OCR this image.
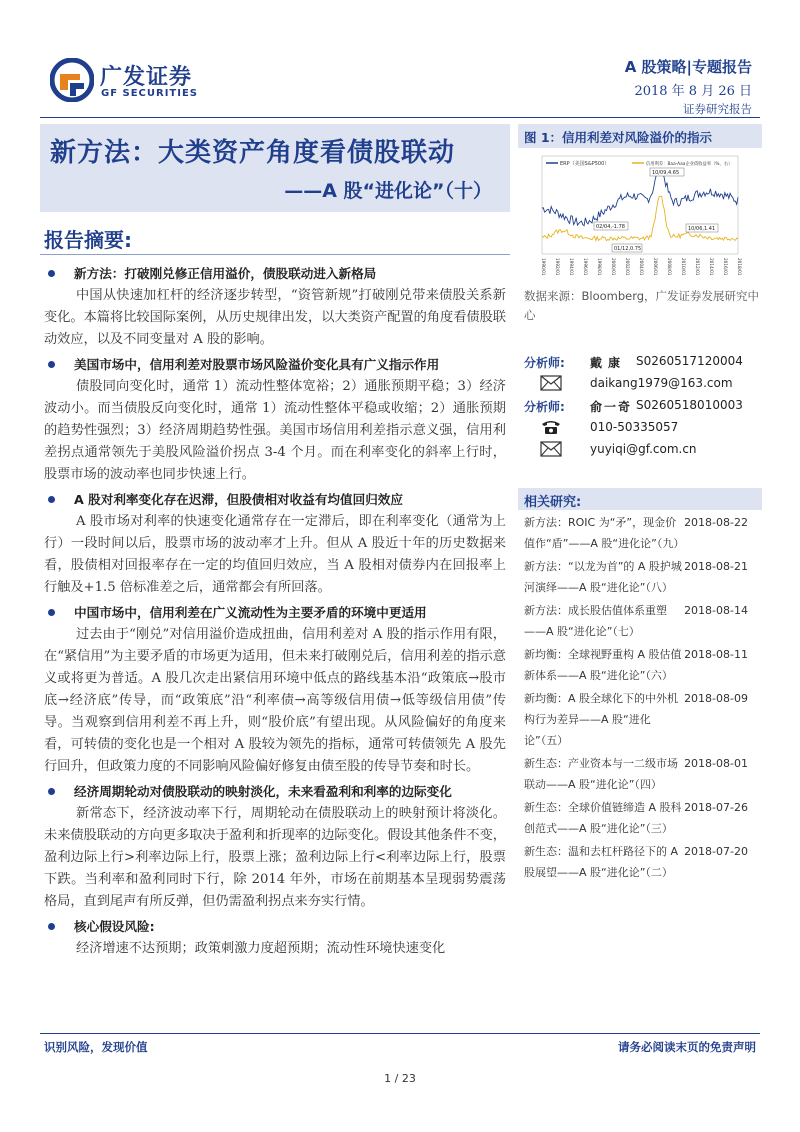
广发证券
GF SECURITIES
A 股策略|专题报告
2018 年 8 月 26 日
证券研究报告
新方法：大类资产角度看债股联动
——A 股“进化论”（十）
报告摘要:
新方法：打破刚兑修正信用溢价，债股联动进入新格局

中国从快速加杠杆的经济逐步转型，“资管新规”打破刚兑带来债股关系新变化。本篇将比较国际案例，从历史规律出发，以大类资产配置的角度看债股联动效应，以及不同变量对 A 股的影响。

美国市场中，信用利差对股票市场风险溢价变化具有广义指示作用

债股同向变化时，通常 1）流动性整体宽裕；2）通胀预期平稳；3）经济波动小。而当债股反向变化时，通常 1）流动性整体平稳或收缩；2）通胀预期的趋势性强烈；3）经济周期趋势性强。美国市场信用利差指示意义强，信用利差拐点通常领先于美股风险溢价拐点 3-4 个月。而在利率变化的斜率上行时，股票市场的波动率也同步快速上行。

A 股对利率变化存在迟滞，但股债相对收益有均值回归效应

A 股市场对利率的快速变化通常存在一定滞后，即在利率变化（通常为上行）一段时间以后，股票市场的波动率才上升。但从 A 股近十年的历史数据来看，股债相对回报率存在一定的均值回归效应，当 A 股相对债券内在回报率上行触及+1.5 倍标准差之后，通常都会有所回落。

中国市场中，信用利差在广义流动性为主要矛盾的环境中更适用

过去由于“刚兑”对信用溢价造成扭曲，信用利差对 A 股的指示作用有限，在“紧信用”为主要矛盾的市场更为适用，但未来打破刚兑后，信用利差的指示意义或将更为普适。A 股几次走出紧信用环境中低点的路线基本沿“政策底→股市底→经济底”传导，而“政策底”沿“利率债→高等级信用债→低等级信用债”传导。当观察到信用利差不再上升，则“股价底”有望出现。从风险偏好的角度来看，可转债的变化也是一个相对 A 股较为领先的指标，通常可转债领先 A 股先行回升，但政策力度的不同影响风险偏好修复由债至股的传导节奏和时长。

经济周期轮动对债股联动的映射淡化，未来看盈利和利率的边际变化

新常态下，经济波动率下行，周期轮动在债股联动上的映射预计将淡化。未来债股联动的方向更多取决于盈利和折现率的边际变化。假设其他条件不变，盈利边际上行>利率边际上行，股票上涨；盈利边际上行<利率边际上行，股票下跌。当利率和盈利同时下行，除 2014 年外，市场在前期基本呈现弱势震荡格局，直到尾声有所反弹，但仍需盈利拐点来夯实行情。

核心假设风险:

经济增速不达预期；政策刺激力度超预期；流动性环境快速变化

图 1：信用利差对风险溢价的指示
ERP（美国S&P500）	信用利差：Baa-Aaa企业债收益率（%，右）
10/09,4.65
02/04,-1.78	10/06,1.41
01/12,0.75
1990/01 1992/01 1994/01 1996/01 1998/01 2000/01 2002/01 2004/01 2006/01 2008/01 2010/01 2012/01 2014/01 2016/01 2018/01
数据来源：Bloomberg，广发证券发展研究中心
分析师: 戴康 S0260517120004
daikang1979@163.com
分析师: 俞一奇 S0260518010003
010-50335057
yuyiqi@gf.com.cn
相关研究:
新方法：ROIC 为“矛”，现金价值作“盾”——A 股“进化论”（九）
2018-08-22
新方法：“以龙为首”的 A 股护城河演绎——A 股“进化论”（八）
2018-08-21
新方法：成长股估值体系重塑——A 股“进化论”（七）
2018-08-14
新均衡：全球视野重构 A 股估值新体系——A 股“进化论”（六）
2018-08-11
新均衡：A 股全球化下的中外机构行为差异——A 股“进化论”（五）
2018-08-09
新生态：产业资本与一二级市场联动——A 股“进化论”（四）
2018-08-01
新生态：全球价值链缔造 A 股科创范式——A 股“进化论”（三）
2018-07-26
新生态：温和去杠杆路径下的 A 股展望——A 股“进化论”（二）
2018-07-20
识别风险，发现价值	请务必阅读末页的免责声明
1 / 23
